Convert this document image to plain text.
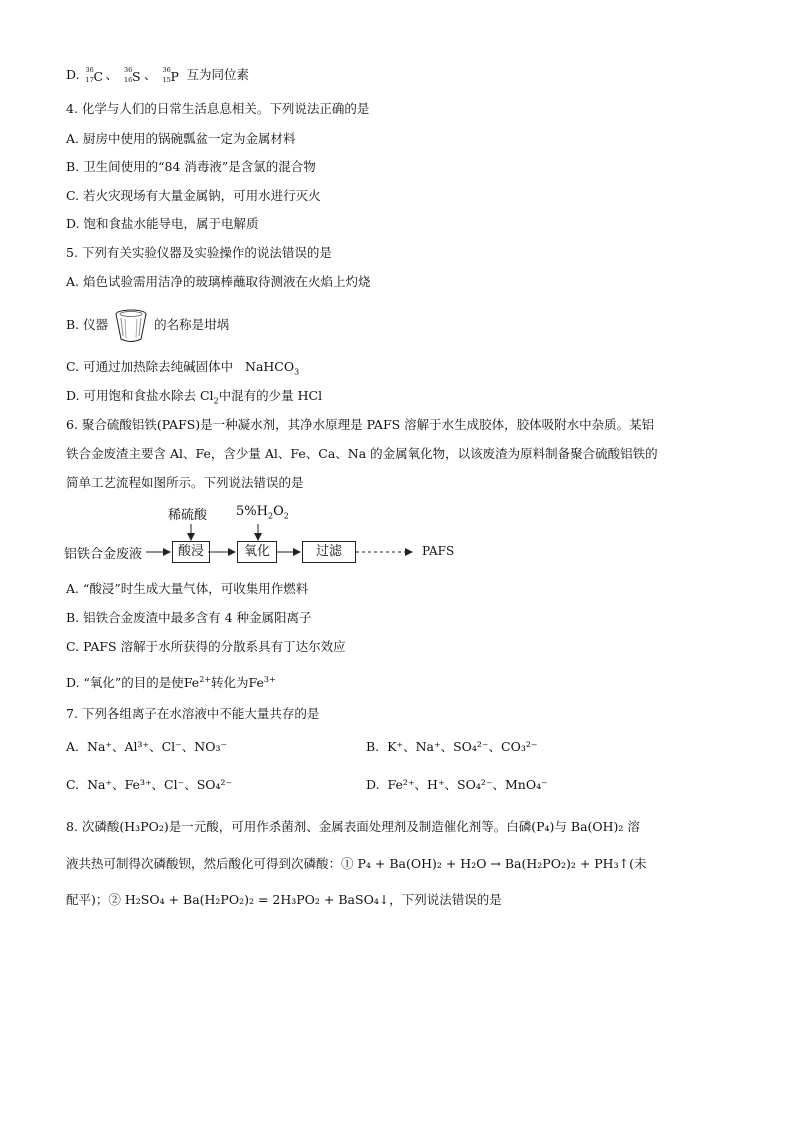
D. 36
17 C 、 36
16 S 、 36
15 P 互为同位素
4. 化学与人们的日常生活息息相关。下列说法正确的是
A. 厨房中使用的锅碗瓢盆一定为金属材料
B. 卫生间使用的“84 消毒液”是含氯的混合物
C. 若火灾现场有大量金属钠，可用水进行灭火
D. 饱和食盐水能导电，属于电解质
5. 下列有关实验仪器及实验操作的说法错误的是
A. 焰色试验需用洁净的玻璃棒蘸取待测液在火焰上灼烧
B. 仪器	的名称是坩埚
C. 可通过加热除去纯碱固体中 NaHCO$_3$
D. 可用饱和食盐水除去 $Cl_2$中混有的少量 HCl
6. 聚合硫酸铝铁(PAFS)是一种凝水剂，其净水原理是 PAFS 溶解于水生成胶体，胶体吸附水中杂质。某铝
铁合金废渣主要含 Al、Fe，含少量 Al、Fe、Ca、Na 的金属氧化物，以该废渣为原料制备聚合硫酸铝铁的
简单工艺流程如图所示。下列说法错误的是
稀硫酸 $5\%H_2O_2$
铝铁合金废液	酸浸	氧化	过滤	PAFS
A. “酸浸”时生成大量气体，可收集用作燃料
B. 铝铁合金废渣中最多含有 4 种金属阳离子
C. PAFS 溶解于水所获得的分散系具有丁达尔效应
D. “氧化”的目的是使$Fe^{2+}$转化为$Fe^{3+}$
7. 下列各组离子在水溶液中不能大量共存的是
A. Na⁺、Al³⁺、Cl⁻、NO₃⁻	B. K⁺、Na⁺、SO₄²⁻、CO₃²⁻
C. Na⁺、Fe³⁺、Cl⁻、SO₄²⁻	D. Fe²⁺、H⁺、SO₄²⁻、MnO₄⁻
8. 次磷酸(H₃PO₂)是一元酸，可用作杀菌剂、金属表面处理剂及制造催化剂等。白磷(P₄)与 Ba(OH)₂ 溶
液共热可制得次磷酸钡，然后酸化可得到次磷酸：① P₄ + Ba(OH)₂ + H₂O → Ba(H₂PO₂)₂ + PH₃↑(未
配平)；② H₂SO₄ + Ba(H₂PO₂)₂ = 2H₃PO₂ + BaSO₄↓，下列说法错误的是
